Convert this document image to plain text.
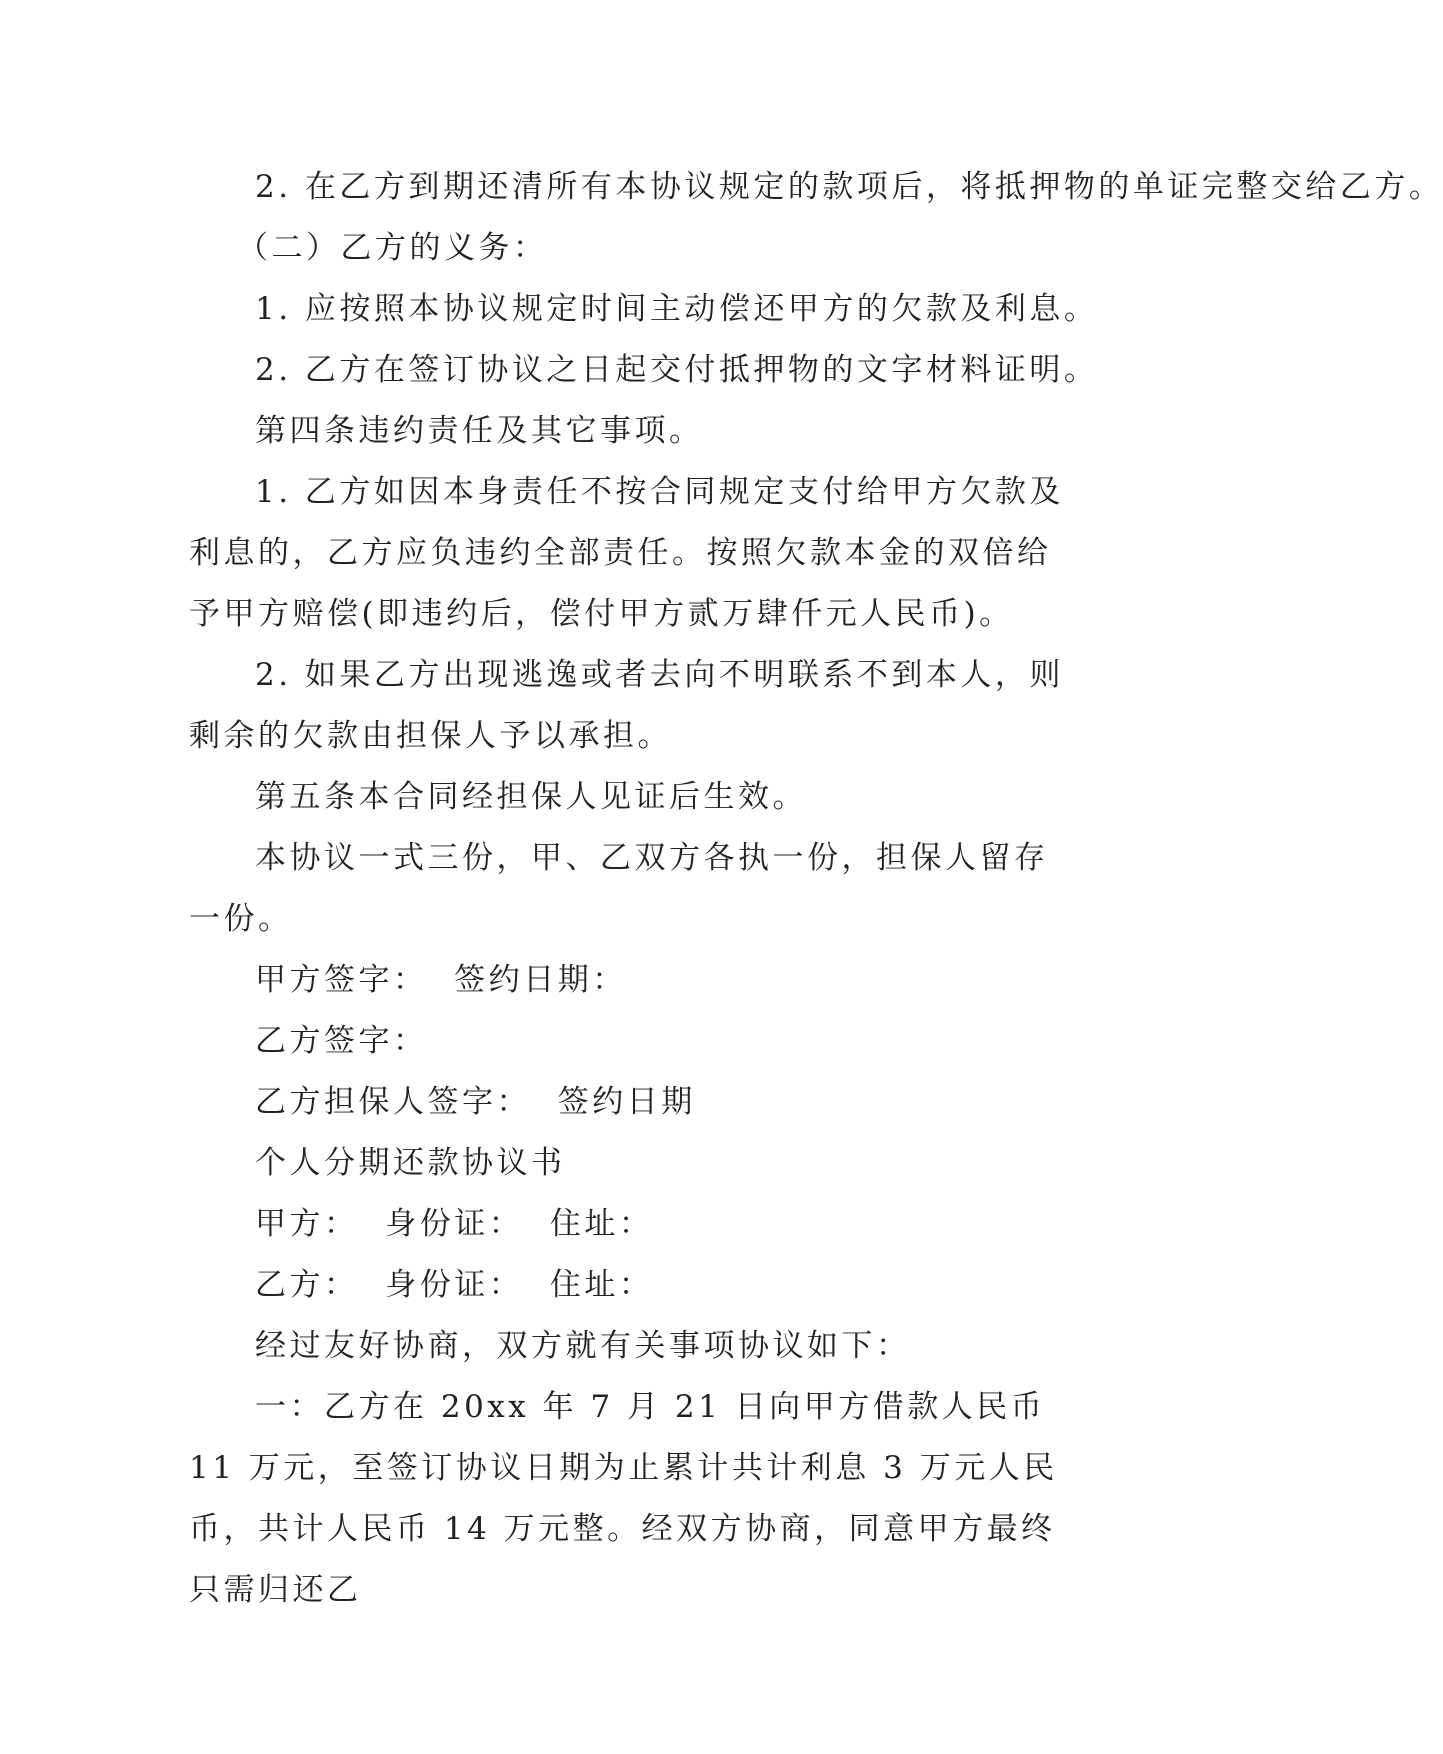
2. 在乙方到期还清所有本协议规定的款项后，将抵押物的单证完整交给乙方。

（二）乙方的义务：

1. 应按照本协议规定时间主动偿还甲方的欠款及利息。

2. 乙方在签订协议之日起交付抵押物的文字材料证明。

第四条违约责任及其它事项。

1. 乙方如因本身责任不按合同规定支付给甲方欠款及利息的，乙方应负违约全部责任。按照欠款本金的双倍给予甲方赔偿(即违约后，偿付甲方贰万肆仟元人民币)。

2. 如果乙方出现逃逸或者去向不明联系不到本人，则剩余的欠款由担保人予以承担。

第五条本合同经担保人见证后生效。

本协议一式三份，甲、乙双方各执一份，担保人留存一份。

甲方签字：  签约日期：

乙方签字：

乙方担保人签字：  签约日期

个人分期还款协议书

甲方：  身份证：  住址：

乙方：  身份证：  住址：

经过友好协商，双方就有关事项协议如下：

一：乙方在 20xx 年 7 月 21 日向甲方借款人民币 11 万元，至签订协议日期为止累计共计利息 3 万元人民币，共计人民币 14 万元整。经双方协商，同意甲方最终只需归还乙
